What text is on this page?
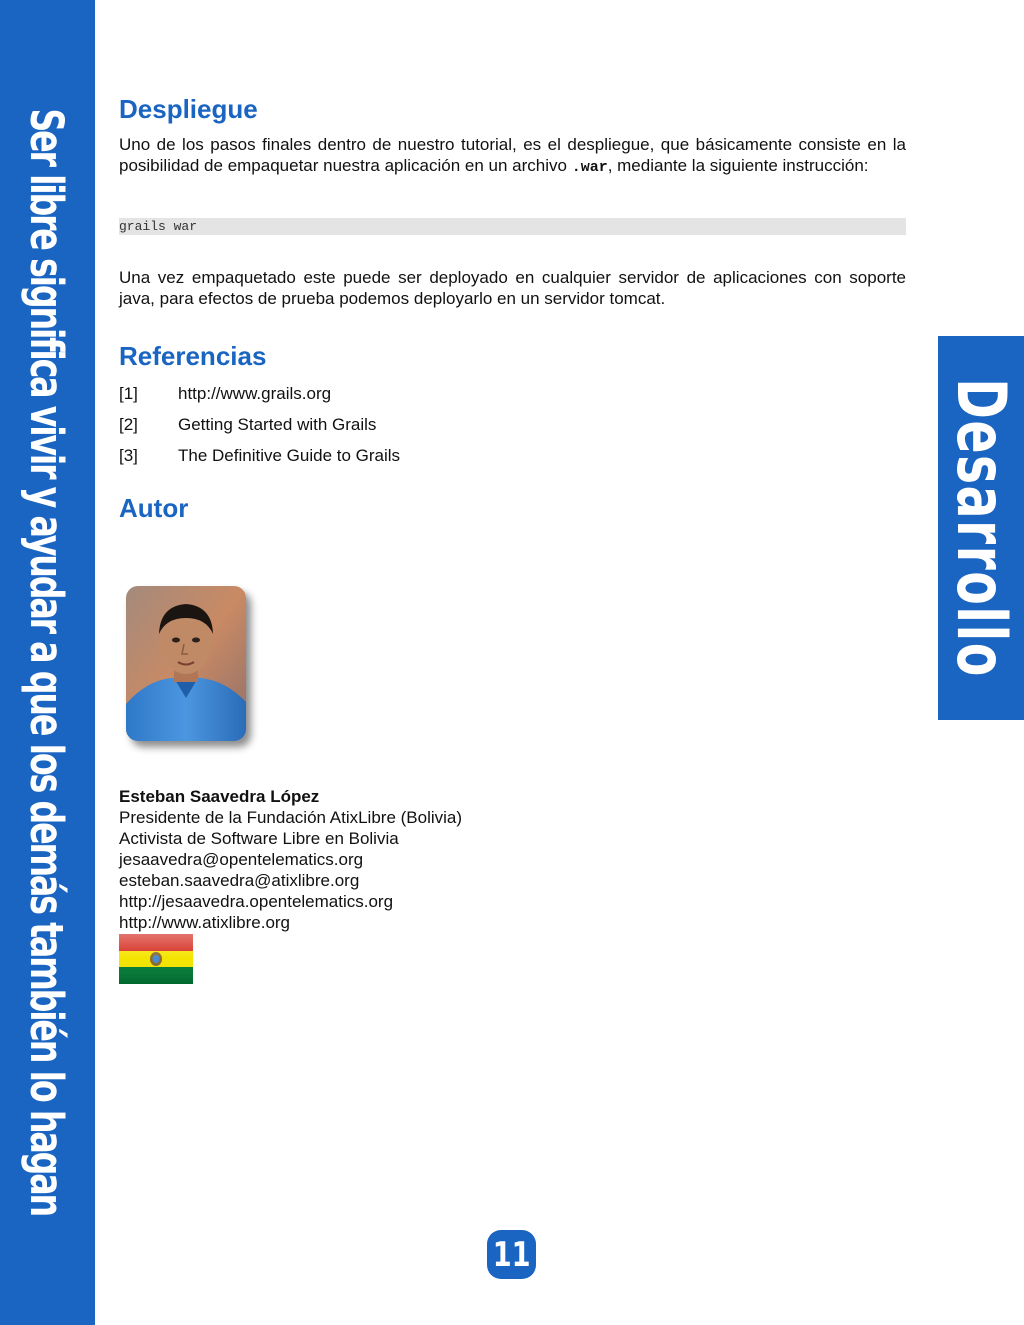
Ser libre significa vivir y ayudar a que los demás también lo hagan	Desarrollo
Despliegue

Uno de los pasos finales dentro de nuestro tutorial, es el despliegue, que básicamente consiste en la posibilidad de empaquetar nuestra aplicación en un archivo .war, mediante la siguiente instrucción:

grails war

Una vez empaquetado este puede ser deployado en cualquier servidor de aplicaciones con soporte java, para efectos de prueba podemos deployarlo en un servidor tomcat.

Referencias
[1]	http://www.grails.org
[2]	Getting Started with Grails
[3]	The Definitive Guide to Grails
Autor
Esteban Saavedra López
Presidente de la Fundación AtixLibre (Bolivia)
Activista de Software Libre en Bolivia
jesaavedra@opentelematics.org
esteban.saavedra@atixlibre.org
http://jesaavedra.opentelematics.org
http://www.atixlibre.org
11
